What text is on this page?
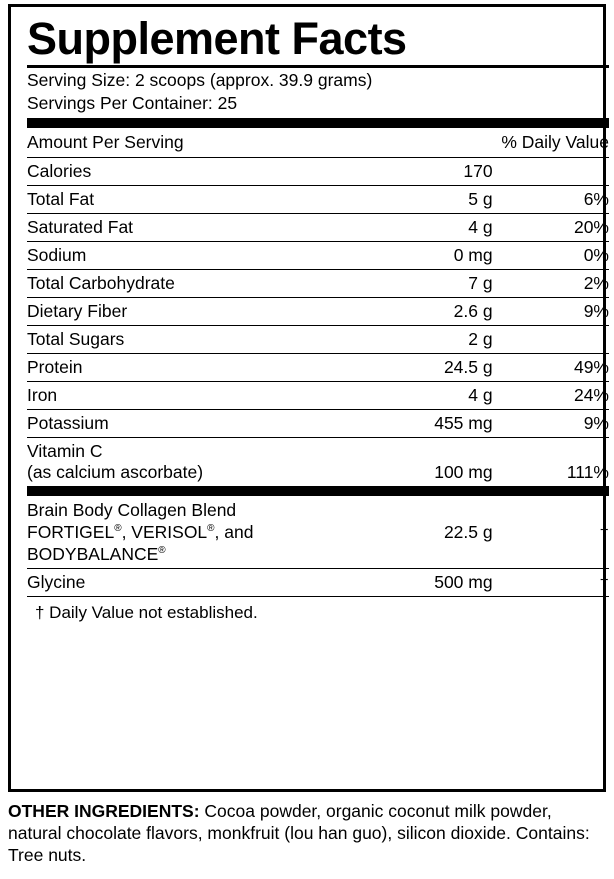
Supplement Facts
Serving Size: 2 scoops (approx. 39.9 grams)
Servings Per Container: 25
Amount Per Serving	% Daily Value
Calories	170	
Total Fat	5 g	6%
Saturated Fat	4 g	20%
Sodium	0 mg	0%
Total Carbohydrate	7 g	2%
Dietary Fiber	2.6 g	9%
Total Sugars	2 g	
Protein	24.5 g	49%
Iron	4 g	24%
Potassium	455 mg	9%

Vitamin C
(as calcium ascorbate)	100 mg	111%
Brain Body Collagen Blend
FORTIGEL®, VERISOL®, and
BODYBALANCE®	22.5 g	†
Glycine	500 mg	†
† Daily Value not established.
OTHER INGREDIENTS: Cocoa powder, organic coconut milk powder, natural chocolate flavors, monkfruit (lou han guo), silicon dioxide. Contains: Tree nuts.
